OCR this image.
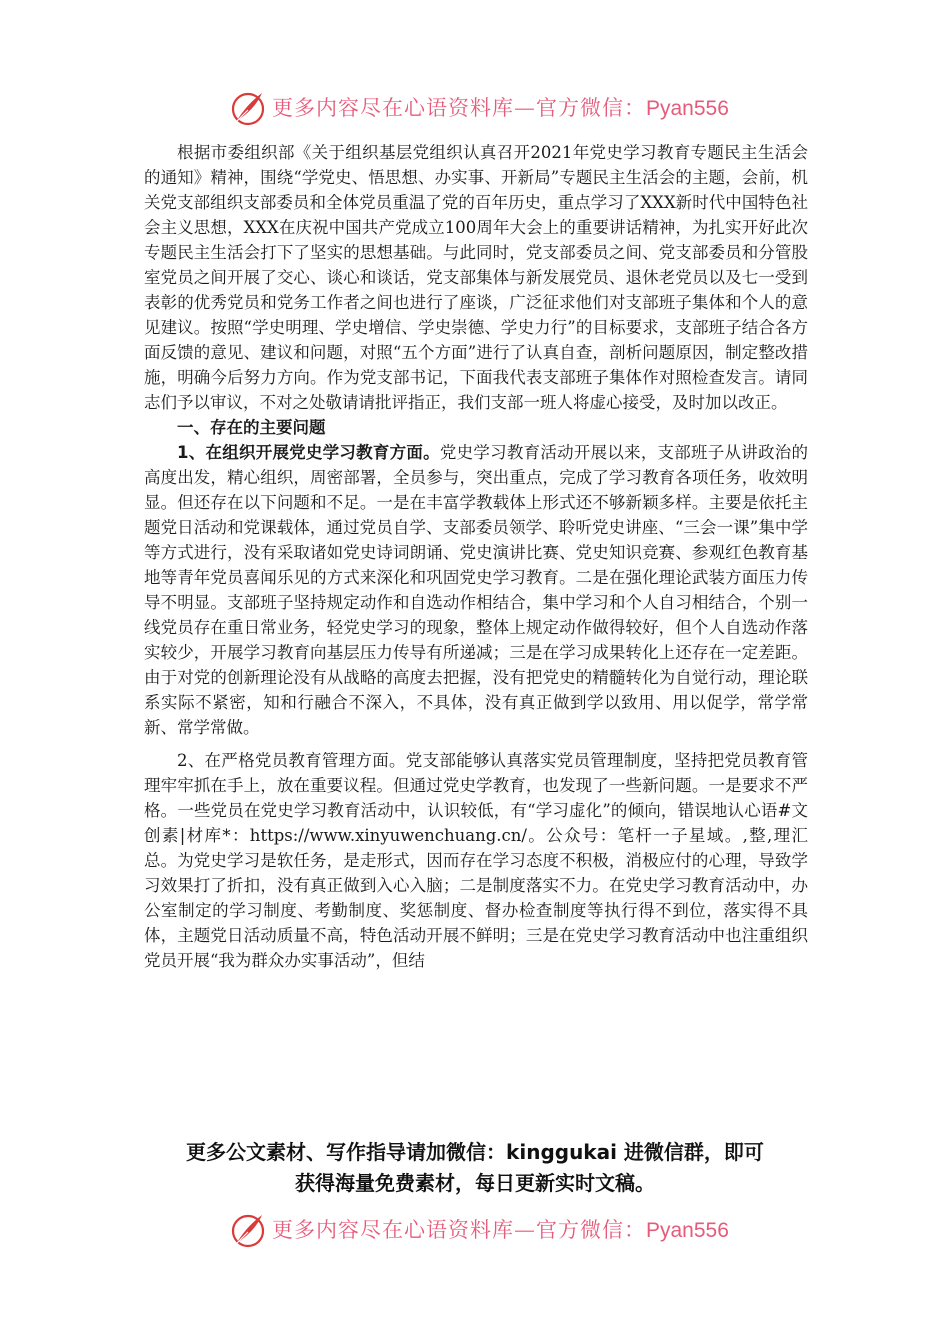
更多内容尽在心语资料库—官方微信：Pyan556

根据市委组织部《关于组织基层党组织认真召开2021年党史学习教育专题民主生活会的通知》精神，围绕“学党史、悟思想、办实事、开新局”专题民主生活会的主题，会前，机关党支部组织支部委员和全体党员重温了党的百年历史，重点学习了XXX新时代中国特色社会主义思想，XXX在庆祝中国共产党成立100周年大会上的重要讲话精神，为扎实开好此次专题民主生活会打下了坚实的思想基础。与此同时，党支部委员之间、党支部委员和分管股室党员之间开展了交心、谈心和谈话，党支部集体与新发展党员、退休老党员以及七一受到表彰的优秀党员和党务工作者之间也进行了座谈，广泛征求他们对支部班子集体和个人的意见建议。按照“学史明理、学史增信、学史崇德、学史力行”的目标要求，支部班子结合各方面反馈的意见、建议和问题，对照“五个方面”进行了认真自查，剖析问题原因，制定整改措施，明确今后努力方向。作为党支部书记，下面我代表支部班子集体作对照检查发言。请同志们予以审议，不对之处敬请请批评指正，我们支部一班人将虚心接受，及时加以改正。

一、存在的主要问题

1、在组织开展党史学习教育方面。党史学习教育活动开展以来，支部班子从讲政治的高度出发，精心组织，周密部署，全员参与，突出重点，完成了学习教育各项任务，收效明显。但还存在以下问题和不足。一是在丰富学教载体上形式还不够新颖多样。主要是依托主题党日活动和党课载体，通过党员自学、支部委员领学、聆听党史讲座、“三会一课”集中学等方式进行，没有采取诸如党史诗词朗诵、党史演讲比赛、党史知识竞赛、参观红色教育基地等青年党员喜闻乐见的方式来深化和巩固党史学习教育。二是在强化理论武装方面压力传导不明显。支部班子坚持规定动作和自选动作相结合，集中学习和个人自习相结合，个别一线党员存在重日常业务，轻党史学习的现象，整体上规定动作做得较好，但个人自选动作落实较少，开展学习教育向基层压力传导有所递减；三是在学习成果转化上还存在一定差距。由于对党的创新理论没有从战略的高度去把握，没有把党史的精髓转化为自觉行动，理论联系实际不紧密，知和行融合不深入，不具体，没有真正做到学以致用、用以促学，常学常新、常学常做。

2、在严格党员教育管理方面。党支部能够认真落实党员管理制度，坚持把党员教育管理牢牢抓在手上，放在重要议程。但通过党史学教育，也发现了一些新问题。一是要求不严格。一些党员在党史学习教育活动中，认识较低，有“学习虚化”的倾向，错误地认心语#文创素|材库*：https://www.xinyuwenchuang.cn/。公众号：笔杆一子星域。,整,理汇总。为党史学习是软任务，是走形式，因而存在学习态度不积极，消极应付的心理，导致学习效果打了折扣，没有真正做到入心入脑；二是制度落实不力。在党史学习教育活动中，办公室制定的学习制度、考勤制度、奖惩制度、督办检查制度等执行得不到位，落实得不具体，主题党日活动质量不高，特色活动开展不鲜明；三是在党史学习教育活动中也注重组织党员开展“我为群众办实事活动”，但结

更多公文素材、写作指导请加微信：kinggukai 进微信群，即可
获得海量免费素材，每日更新实时文稿。
更多内容尽在心语资料库—官方微信：Pyan556
